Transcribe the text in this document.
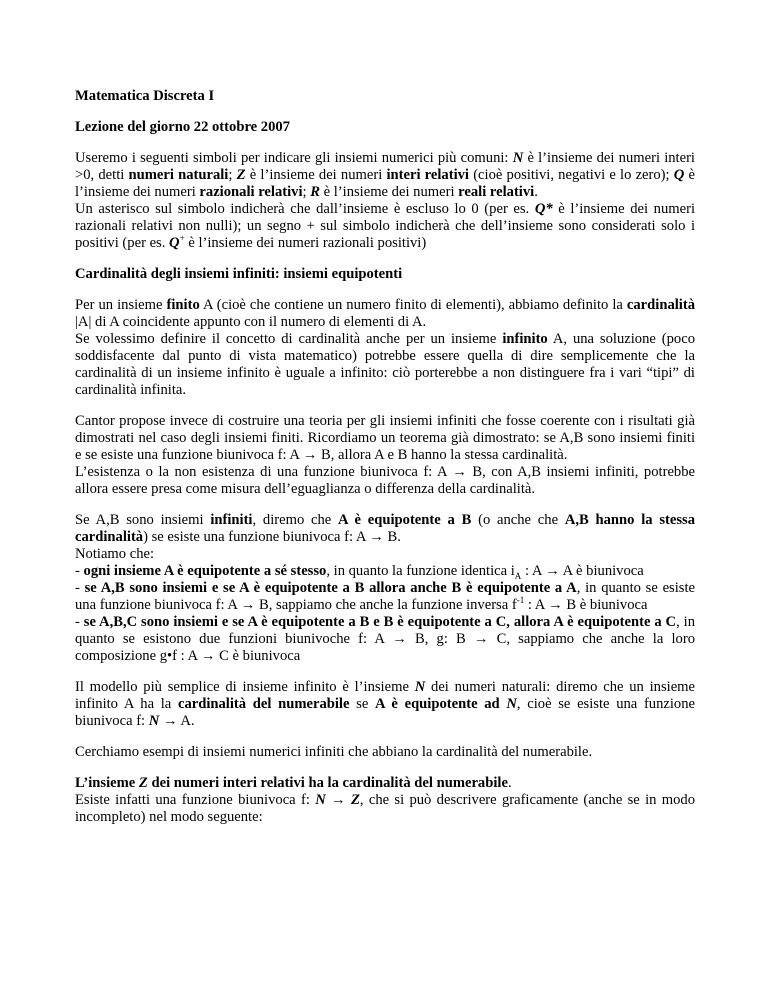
Matematica Discreta I

Lezione del giorno 22 ottobre 2007

Useremo i seguenti simboli per indicare gli insiemi numerici più comuni: N è l’insieme dei numeri interi >0, detti numeri naturali; Z è l’insieme dei numeri interi relativi (cioè positivi, negativi e lo zero); Q è l’insieme dei numeri razionali relativi; R è l’insieme dei numeri reali relativi.

Un asterisco sul simbolo indicherà che dall’insieme è escluso lo 0 (per es. Q* è l’insieme dei numeri razionali relativi non nulli); un segno + sul simbolo indicherà che dell’insieme sono considerati solo i positivi (per es. Q+ è l’insieme dei numeri razionali positivi)

Cardinalità degli insiemi infiniti: insiemi equipotenti

Per un insieme finito A (cioè che contiene un numero finito di elementi), abbiamo definito la cardinalità |A| di A coincidente appunto con il numero di elementi di A.

Se volessimo definire il concetto di cardinalità anche per un insieme infinito A, una soluzione (poco soddisfacente dal punto di vista matematico) potrebbe essere quella di dire semplicemente che la cardinalità di un insieme infinito è uguale a infinito: ciò porterebbe a non distinguere fra i vari “tipi” di cardinalità infinita.

Cantor propose invece di costruire una teoria per gli insiemi infiniti che fosse coerente con i risultati già dimostrati nel caso degli insiemi finiti. Ricordiamo un teorema già dimostrato: se A,B sono insiemi finiti e se esiste una funzione biunivoca f: A → B, allora A e B hanno la stessa cardinalità.

L’esistenza o la non esistenza di una funzione biunivoca f: A → B, con A,B insiemi infiniti, potrebbe allora essere presa come misura dell’eguaglianza o differenza della cardinalità.

Se A,B sono insiemi infiniti, diremo che A è equipotente a B (o anche che A,B hanno la stessa cardinalità) se esiste una funzione biunivoca f: A → B.

Notiamo che:

- ogni insieme A è equipotente a sé stesso, in quanto la funzione identica $i_A$ : A → A è biunivoca

- se A,B sono insiemi e se A è equipotente a B allora anche B è equipotente a A, in quanto se esiste una funzione biunivoca f: A → B, sappiamo che anche la funzione inversa $f^{-1}$ : A → B è biunivoca

- se A,B,C sono insiemi e se A è equipotente a B e B è equipotente a C, allora A è equipotente a C, in quanto se esistono due funzioni biunivoche f: A → B, g: B → C, sappiamo che anche la loro composizione g•f : A → C è biunivoca

Il modello più semplice di insieme infinito è l’insieme N dei numeri naturali: diremo che un insieme infinito A ha la cardinalità del numerabile se A è equipotente ad N, cioè se esiste una funzione biunivoca f: N → A.

Cerchiamo esempi di insiemi numerici infiniti che abbiano la cardinalità del numerabile.

L’insieme Z dei numeri interi relativi ha la cardinalità del numerabile.

Esiste infatti una funzione biunivoca f: N → Z, che si può descrivere graficamente (anche se in modo incompleto) nel modo seguente:
